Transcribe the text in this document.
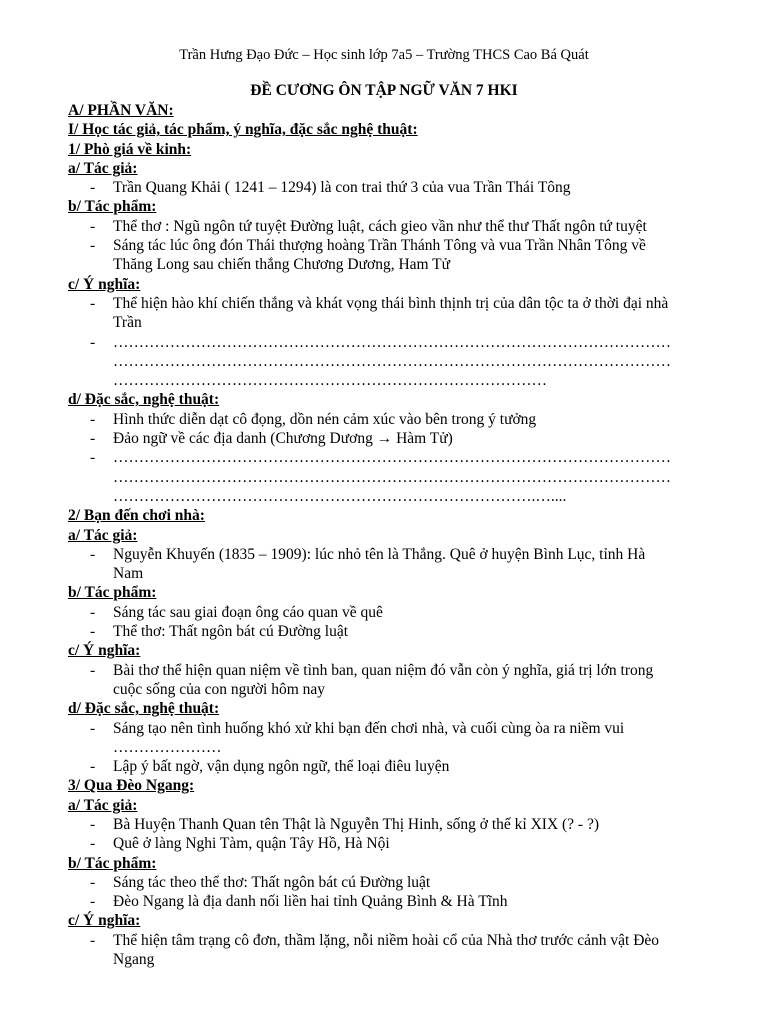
Trần Hưng Đạo Đức – Học sinh lớp 7a5 – Trường THCS Cao Bá Quát
ĐỀ CƯƠNG ÔN TẬP NGỮ VĂN 7 HKI
A/ PHẦN VĂN:
I/ Học tác giả, tác phẩm, ý nghĩa, đặc sắc nghệ thuật:
1/ Phò giá về kinh:
a/ Tác giả:
-	Trần Quang Khải ( 1241 – 1294) là con trai thứ 3 của vua Trần Thái Tông
b/ Tác phẩm:
-	Thể thơ : Ngũ ngôn tứ tuyệt Đường luật, cách gieo vần như thể thư Thất ngôn tứ tuyệt
-	Sáng tác lúc ông đón Thái thượng hoàng Trần Thánh Tông và vua Trần Nhân Tông về
Thăng Long sau chiến thắng Chương Dương, Ham Tử
c/ Ý nghĩa:
-	Thể hiện hào khí chiến thắng và khát vọng thái bình thịnh trị của dân tộc ta ở thời đại nhà
Trần
-	………………………………………………………………………………………………
………………………………………………………………………………………………
…………………………………………………………………………
d/ Đặc sắc, nghệ thuật:
-	Hình thức diễn dạt cô đọng, dồn nén cảm xúc vào bên trong ý tưởng
-	Đảo ngữ về các địa danh (Chương Dương → Hàm Tử)
-	………………………………………………………………………………………………
………………………………………………………………………………………………
……………………………………………………………………….…....
2/ Bạn đến chơi nhà:
a/ Tác giả:
-	Nguyễn Khuyến (1835 – 1909): lúc nhỏ tên là Thắng. Quê ở huyện Bình Lục, tỉnh Hà
Nam
b/ Tác phẩm:
-	Sáng tác sau giai đoạn ông cáo quan về quê
-	Thể thơ: Thất ngôn bát cú Đường luật
c/ Ý nghĩa:
-	Bài thơ thể hiện quan niệm về tình ban, quan niệm đó vẫn còn ý nghĩa, giá trị lớn trong
cuộc sống của con người hôm nay
d/ Đặc sắc, nghệ thuật:
-	Sáng tạo nên tình huống khó xử khi bạn đến chơi nhà, và cuối cùng òa ra niềm vui
…………………
-	Lập ý bất ngờ, vận dụng ngôn ngữ, thể loại điêu luyện
3/ Qua Đèo Ngang:
a/ Tác giả:
-	Bà Huyện Thanh Quan tên Thật là Nguyễn Thị Hinh, sống ở thế kỉ XIX (? - ?)
-	Quê ở làng Nghi Tàm, quận Tây Hồ, Hà Nội
b/ Tác phẩm:
-	Sáng tác theo thể thơ: Thất ngôn bát cú Đường luật
-	Đèo Ngang là địa danh nối liền hai tỉnh Quảng Bình & Hà Tĩnh
c/ Ý nghĩa:
-	Thể hiện tâm trạng cô đơn, thầm lặng, nỗi niềm hoài cổ của Nhà thơ trước cảnh vật Đèo
Ngang
